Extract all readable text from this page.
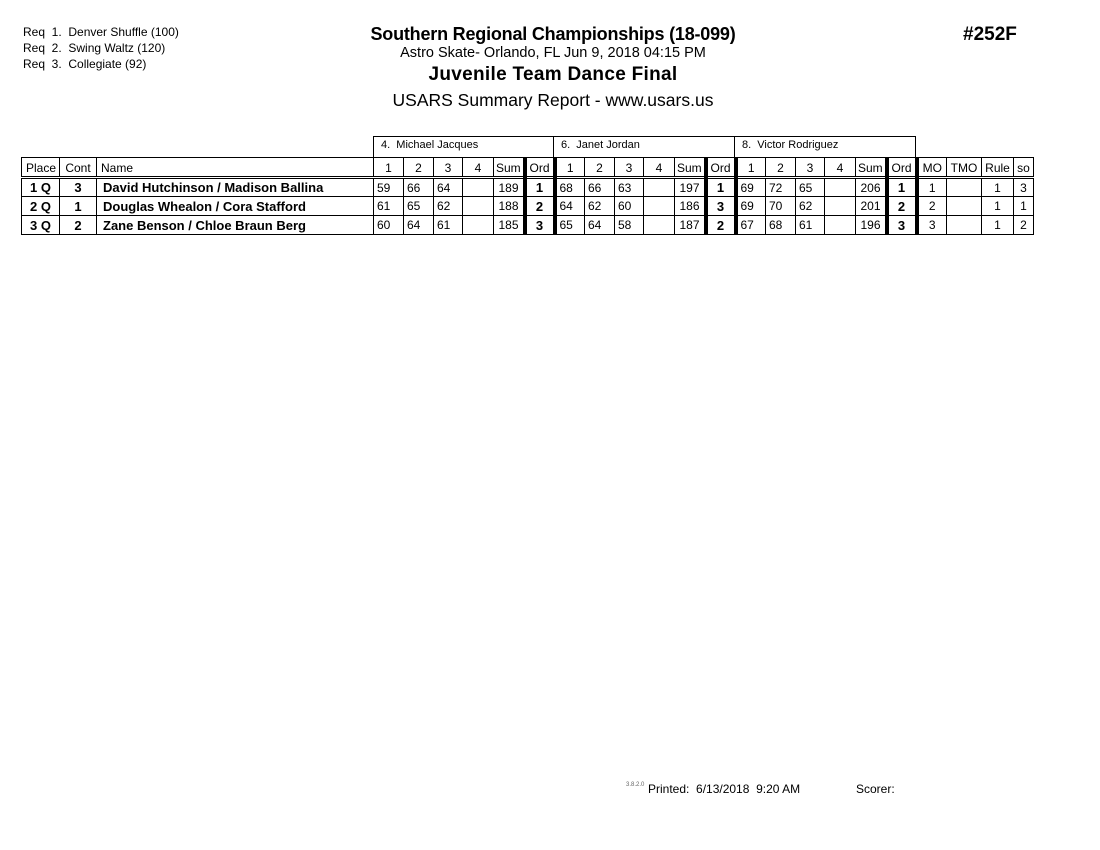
Req  1.  Denver Shuffle (100)
Req  2.  Swing Waltz (120)
Req  3.  Collegiate (92)
Southern Regional Championships (18-099)
Astro Skate- Orlando, FL Jun 9, 2018 04:15 PM
Juvenile Team Dance Final
USARS Summary Report - www.usars.us
#252F
4.  Michael Jacques	6.  Janet Jordan	8.  Victor Rodriguez
Place	Cont	Name	1	2	3	4	Sum	Ord	1	2	3	4	Sum	Ord	1	2	3	4	Sum	Ord	MO	TMO	Rule	so
1 Q	3	David Hutchinson / Madison Ballina	59	66	64		189	1	68	66	63		197	1	69	72	65		206	1	1		1	3
2 Q	1	Douglas Whealon / Cora Stafford	61	65	62		188	2	64	62	60		186	3	69	70	62		201	2	2		1	1
3 Q	2	Zane Benson / Chloe Braun Berg	60	64	61		185	3	65	64	58		187	2	67	68	61		196	3	3		1	2
3.8.2.0 Printed:  6/13/2018  9:20 AM	Scorer:
